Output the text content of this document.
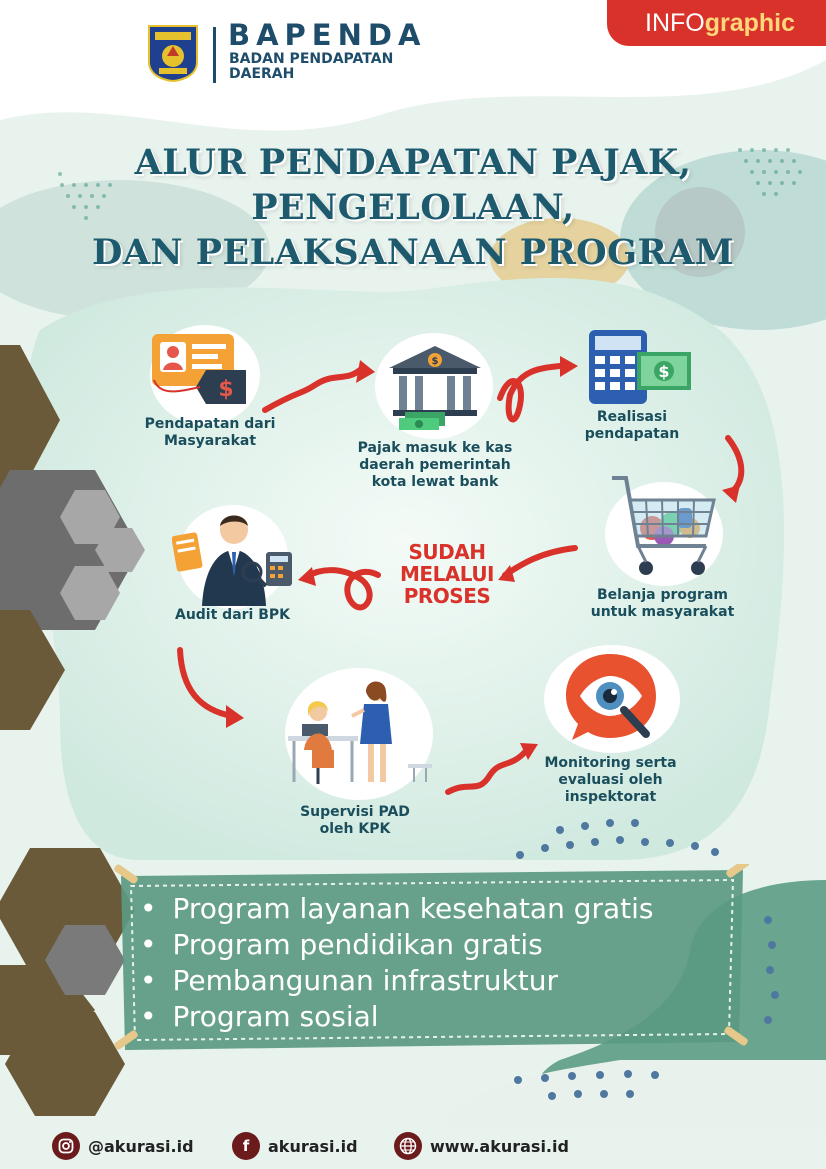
BAPENDA
BADAN PENDAPATAN DAERAH
INFOgraphic
ALUR PENDAPATAN PAJAK,
PENGELOLAAN,
DAN PELAKSANAAN PROGRAM
$
Pendapatan dari Masyarakat
$
Pajak masuk ke kas daerah pemerintah kota lewat bank
$
Realisasi pendapatan
Belanja program untuk masyarakat
Audit dari BPK
SUDAH MELALUI PROSES
Supervisi PAD oleh KPK
Monitoring serta evaluasi oleh inspektorat
• Program layanan kesehatan gratis
• Program pendidikan gratis
• Pembangunan infrastruktur
• Program sosial
@akurasi.id	f	akurasi.id	www.akurasi.id
